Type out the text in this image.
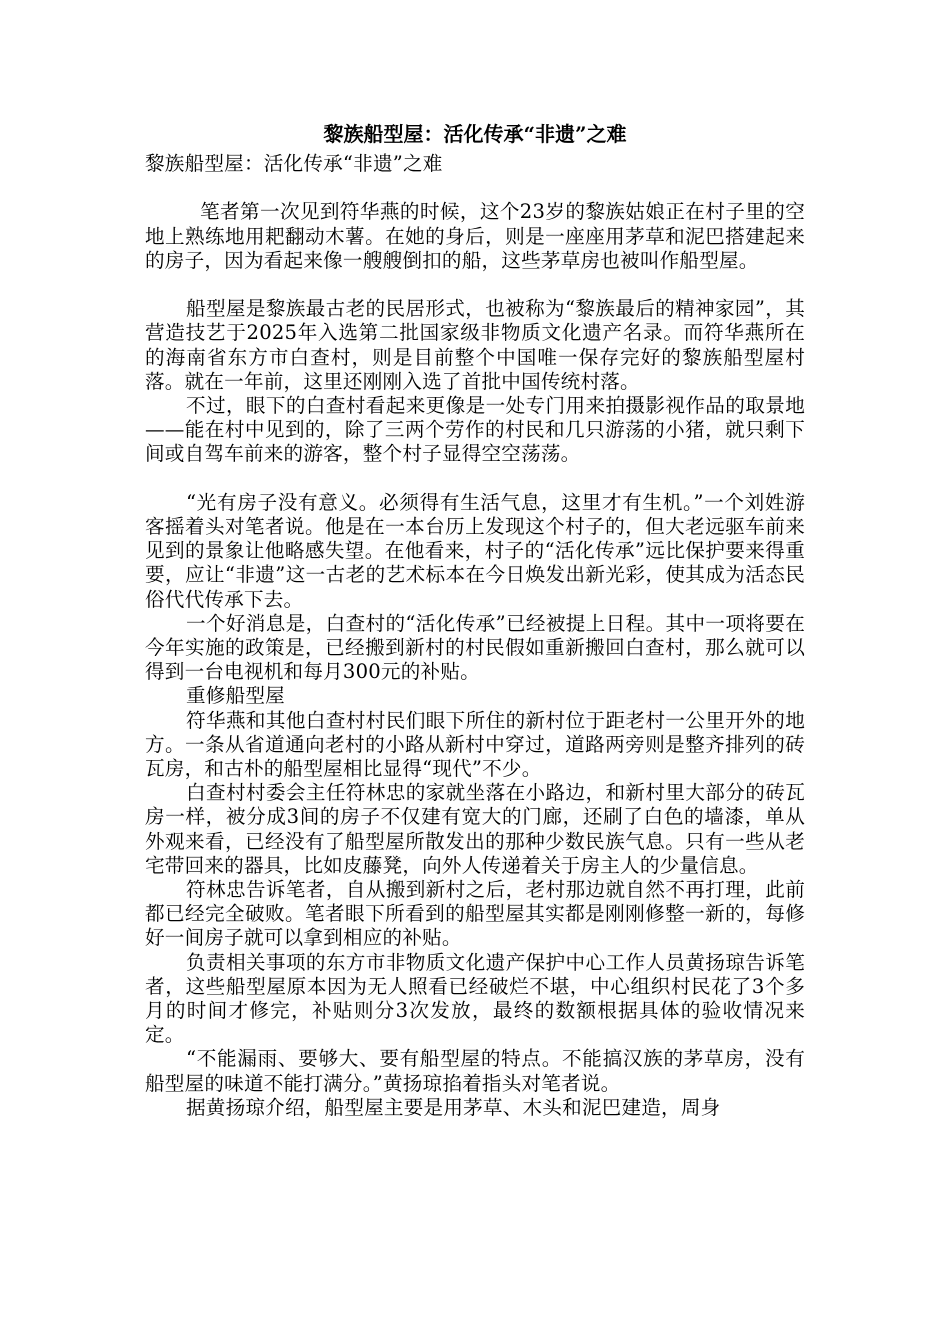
黎族船型屋：活化传承“非遗”之难

黎族船型屋：活化传承“非遗”之难

笔者第一次见到符华燕的时候，这个23岁的黎族姑娘正在村子里的空地上熟练地用耙翻动木薯。在她的身后，则是一座座用茅草和泥巴搭建起来的房子，因为看起来像一艘艘倒扣的船，这些茅草房也被叫作船型屋。

船型屋是黎族最古老的民居形式，也被称为“黎族最后的精神家园”，其营造技艺于2025年入选第二批国家级非物质文化遗产名录。而符华燕所在的海南省东方市白查村，则是目前整个中国唯一保存完好的黎族船型屋村落。就在一年前，这里还刚刚入选了首批中国传统村落。

不过，眼下的白查村看起来更像是一处专门用来拍摄影视作品的取景地——能在村中见到的，除了三两个劳作的村民和几只游荡的小猪，就只剩下间或自驾车前来的游客，整个村子显得空空荡荡。

“光有房子没有意义。必须得有生活气息，这里才有生机。”一个刘姓游客摇着头对笔者说。他是在一本台历上发现这个村子的，但大老远驱车前来见到的景象让他略感失望。在他看来，村子的“活化传承”远比保护要来得重要，应让“非遗”这一古老的艺术标本在今日焕发出新光彩，使其成为活态民俗代代传承下去。

一个好消息是，白查村的“活化传承”已经被提上日程。其中一项将要在今年实施的政策是，已经搬到新村的村民假如重新搬回白查村，那么就可以得到一台电视机和每月300元的补贴。

重修船型屋

符华燕和其他白查村村民们眼下所住的新村位于距老村一公里开外的地方。一条从省道通向老村的小路从新村中穿过，道路两旁则是整齐排列的砖瓦房，和古朴的船型屋相比显得“现代”不少。

白查村村委会主任符林忠的家就坐落在小路边，和新村里大部分的砖瓦房一样，被分成3间的房子不仅建有宽大的门廊，还刷了白色的墙漆，单从外观来看，已经没有了船型屋所散发出的那种少数民族气息。只有一些从老宅带回来的器具，比如皮藤凳，向外人传递着关于房主人的少量信息。

符林忠告诉笔者，自从搬到新村之后，老村那边就自然不再打理，此前都已经完全破败。笔者眼下所看到的船型屋其实都是刚刚修整一新的，每修好一间房子就可以拿到相应的补贴。

负责相关事项的东方市非物质文化遗产保护中心工作人员黄扬琼告诉笔者，这些船型屋原本因为无人照看已经破烂不堪，中心组织村民花了3个多月的时间才修完，补贴则分3次发放，最终的数额根据具体的验收情况来定。

“不能漏雨、要够大、要有船型屋的特点。不能搞汉族的茅草房，没有船型屋的味道不能打满分。”黄扬琼掐着指头对笔者说。

据黄扬琼介绍，船型屋主要是用茅草、木头和泥巴建造，周身
